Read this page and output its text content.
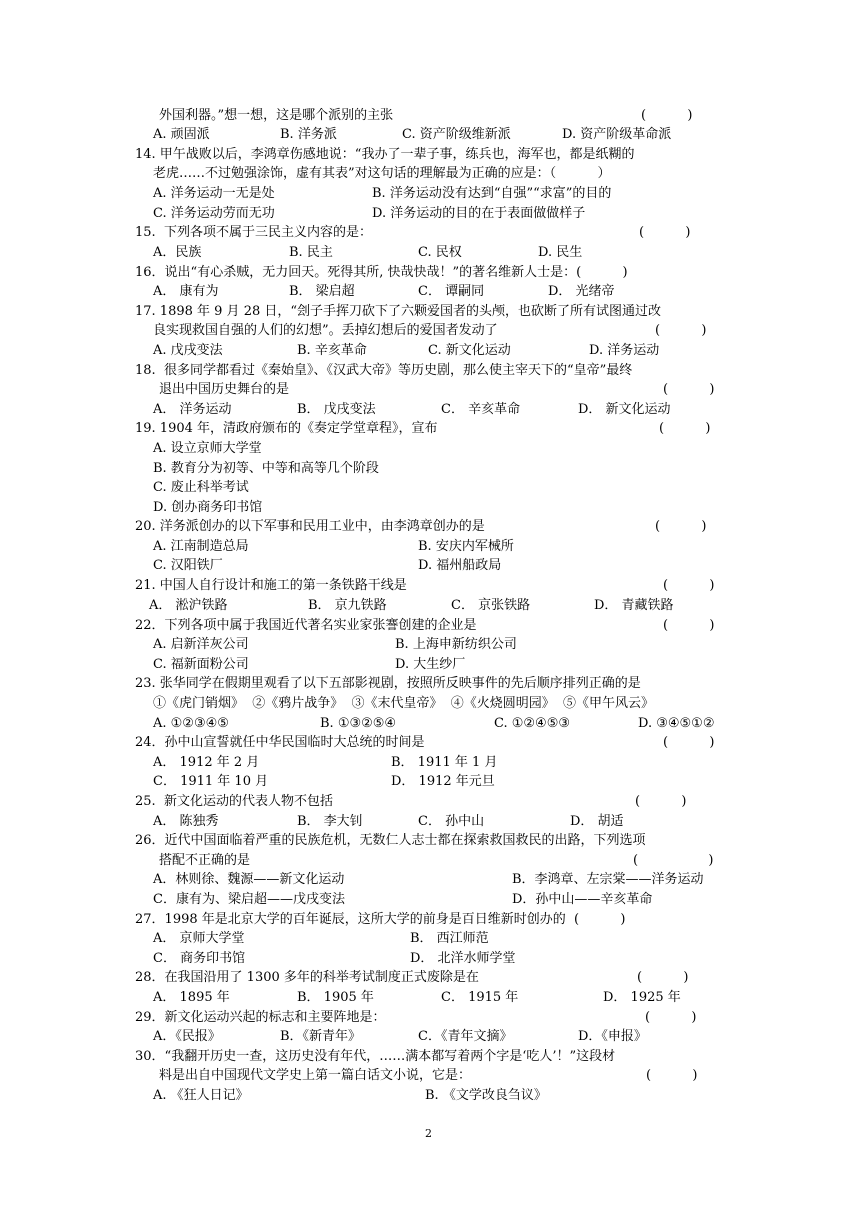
外国利器。”想一想，这是哪个派别的主张	(          )
A. 顽固派	B. 洋务派	C. 资产阶级维新派	D. 资产阶级革命派
14. 甲午战败以后，李鸿章伤感地说：“我办了一辈子事，练兵也，海军也，都是纸糊的
老虎……不过勉强涂饰，虚有其表”对这句话的理解最为正确的应是：（          ）
A. 洋务运动一无是处	B. 洋务运动没有达到“自强”“求富”的目的
C. 洋务运动劳而无功	D. 洋务运动的目的在于表面做做样子
15.  下列各项不属于三民主义内容的是：	(          )
A．民族	B. 民主	C. 民权	D. 民生
16．说出“有心杀贼，无力回天。死得其所, 快哉快哉！”的著名维新人士是：(          )
A． 康有为	B． 梁启超	C． 谭嗣同	D． 光绪帝
17. 1898 年 9 月 28 日，“刽子手挥刀砍下了六颗爱国者的头颅，也砍断了所有试图通过改
良实现救国自强的人们的幻想”。丢掉幻想后的爱国者发动了	(          )
A. 戊戌变法	B. 辛亥革命	C. 新文化运动	D. 洋务运动
18.  很多同学都看过《秦始皇》、《汉武大帝》等历史剧，那么使主宰天下的“皇帝”最终
退出中国历史舞台的是	(          )
A． 洋务运动	B． 戊戌变法	C． 辛亥革命	D． 新文化运动
19. 1904 年，清政府颁布的《奏定学堂章程》，宣布	(          )
A. 设立京师大学堂
B. 教育分为初等、中等和高等几个阶段
C. 废止科举考试
D. 创办商务印书馆
20. 洋务派创办的以下军事和民用工业中，由李鸿章创办的是	(          )
A. 江南制造总局	B. 安庆内军械所
C. 汉阳铁厂	D. 福州船政局
21. 中国人自行设计和施工的第一条铁路干线是	(          )
A． 淞沪铁路	B． 京九铁路	C． 京张铁路	D． 青藏铁路
22．下列各项中属于我国近代著名实业家张謇创建的企业是	(          )
A. 启新洋灰公司	B. 上海申新纺织公司
C. 福新面粉公司	D. 大生纱厂
23. 张华同学在假期里观看了以下五部影视剧，按照所反映事件的先后顺序排列正确的是
①《虎门销烟》  ②《鸦片战争》  ③《末代皇帝》  ④《火烧圆明园》  ⑤《甲午风云》
A. ①②③④⑤	B. ①③②⑤④	C. ①②④⑤③	D. ③④⑤①②
24．孙中山宣誓就任中华民国临时大总统的时间是	(          )
A． 1912 年 2 月	B． 1911 年 1 月
C． 1911 年 10 月	D． 1912 年元旦
25.  新文化运动的代表人物不包括	(          )
A． 陈独秀	B． 李大钊	C． 孙中山	D． 胡适
26．近代中国面临着严重的民族危机，无数仁人志士都在探索救国救民的出路，下列选项
搭配不正确的是	(                 )
A．林则徐、魏源——新文化运动	B．李鸿章、左宗棠——洋务运动
C．康有为、梁启超——戊戌变法	D．孙中山——辛亥革命
27．1998 年是北京大学的百年诞辰，这所大学的前身是百日维新时创办的  (          )
A． 京师大学堂	B． 西江师范
C． 商务印书馆	D． 北洋水师学堂
28．在我国沿用了 1300 多年的科举考试制度正式废除是在	(          )
A． 1895 年	B． 1905 年	C． 1915 年	D． 1925 年
29．新文化运动兴起的标志和主要阵地是：	(          )
A．《民报》	B．《新青年》	C．《青年文摘》	D．《申报》
30．“我翻开历史一查，这历史没有年代，……满本都写着两个字是‘吃人’！”这段材
料是出自中国现代文学史上第一篇白话文小说，它是：	(          )
A. 《狂人日记》	B. 《文学改良刍议》
2
